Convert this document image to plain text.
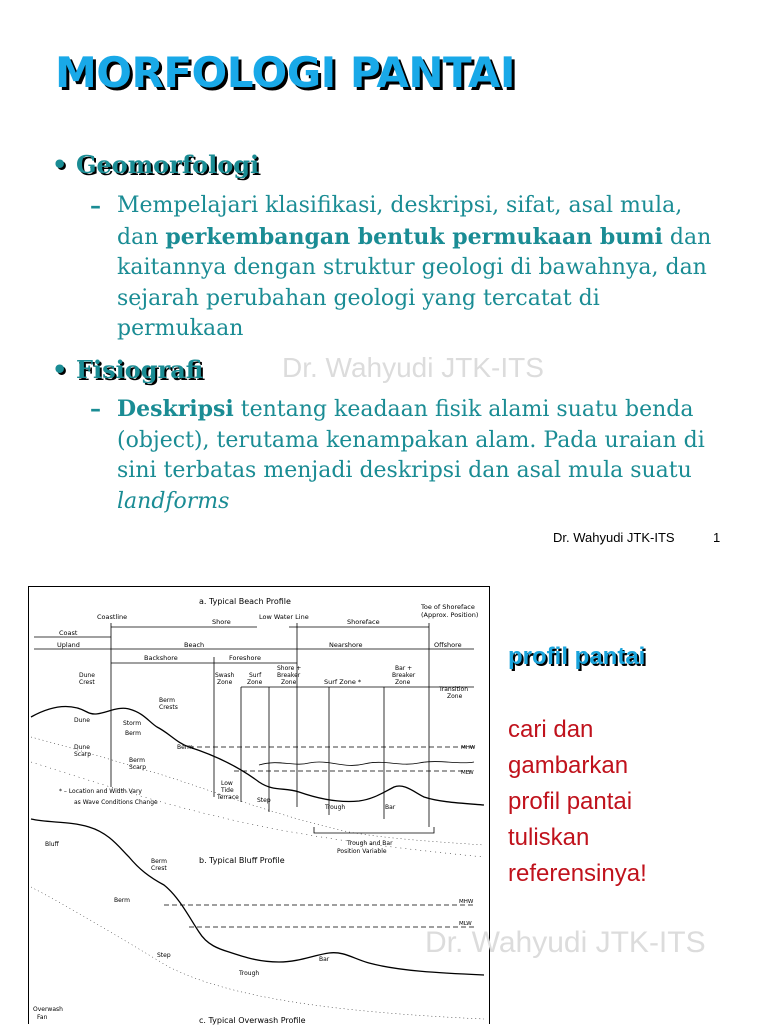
MORFOLOGI PANTAI
• Geomorfologi
– Mempelajari klasifikasi, deskripsi, sifat, asal mula, dan perkembangan bentuk permukaan bumi dan kaitannya dengan struktur geologi di bawahnya, dan sejarah perubahan geologi yang tercatat di permukaan
Dr. Wahyudi JTK-ITS
• Fisiografi
– Deskripsi tentang keadaan fisik alami suatu benda (object), terutama kenampakan alam. Pada uraian di sini terbatas menjadi deskripsi dan asal mula suatu landforms
Dr. Wahyudi JTK-ITS	1
a. Typical Beach Profile
Coastline	Low Water Line
Toe of Shoreface
(Approx. Position)
Shore	Shoreface
Coast
Upland	Beach	Nearshore	Offshore
Backshore	Foreshore
Dune
Crest
Berm
Crests
Swash
Zone
Surf
Zone
Shore +
Breaker
Zone	Surf Zone *
Bar +
Breaker
Zone
Transition
Zone
Dune	Storm
Berm
Dune
Scarp
Berm
Scarp
Berm	MHW
MLW
* – Location and Width Vary
as Wave Conditions Change
Low
Tide
Terrace	Step
Trough	Bar
Trough and Bar
Position Variable
b. Typical Bluff Profile
Bluff
Berm
Crest
Berm	MHW
MLW
Step
Trough
Bar
Overwash
Fan	c. Typical Overwash Profile
profil pantai
cari dan
gambarkan
profil pantai
tuliskan
referensinya!
Dr. Wahyudi JTK-ITS
